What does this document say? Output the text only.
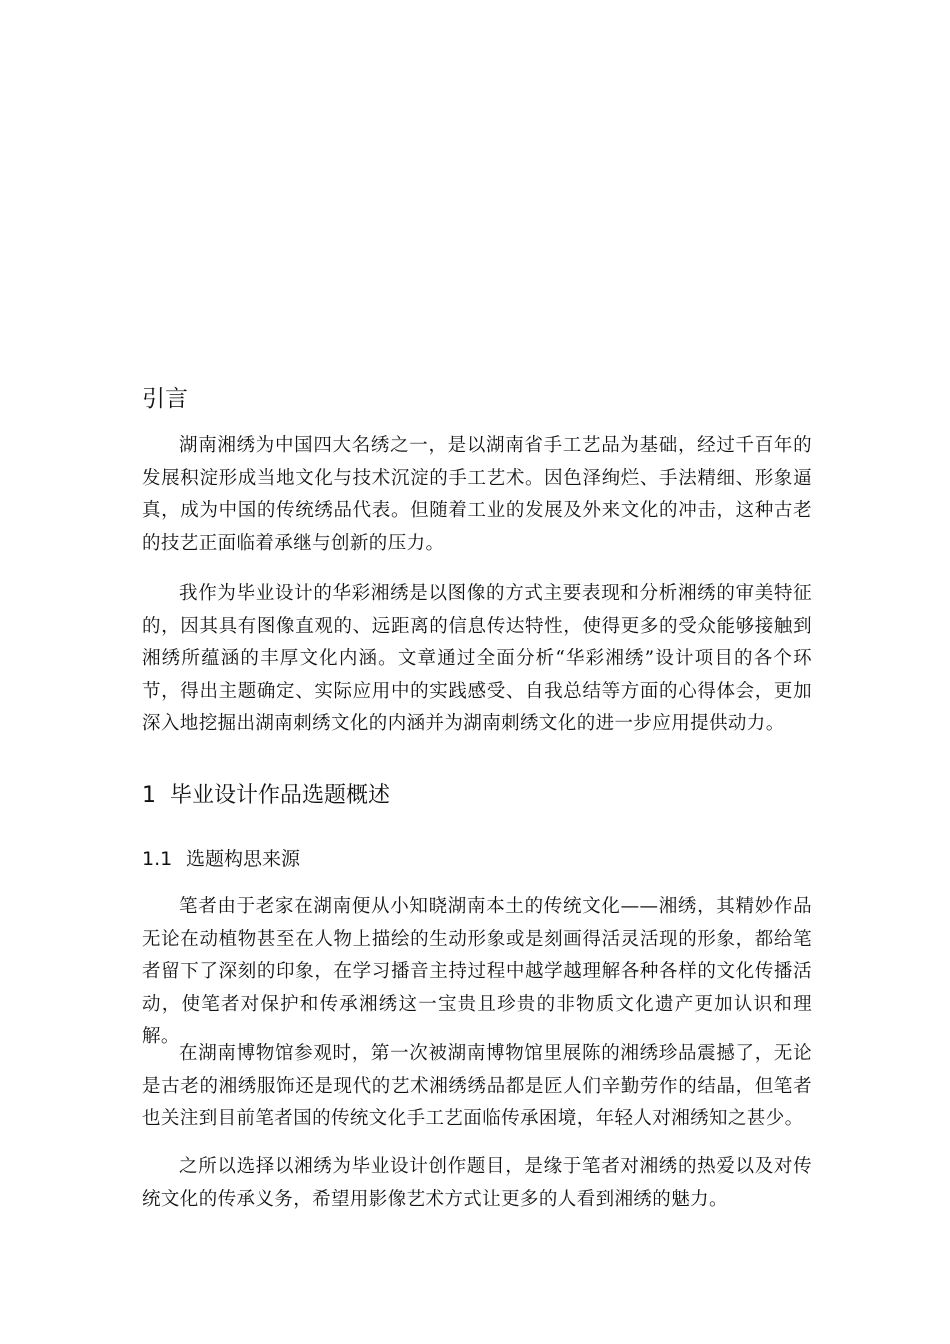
引言

湖南湘绣为中国四大名绣之一，是以湖南省手工艺品为基础，经过千百年的发展积淀形成当地文化与技术沉淀的手工艺术。因色泽绚烂、手法精细、形象逼真，成为中国的传统绣品代表。但随着工业的发展及外来文化的冲击，这种古老的技艺正面临着承继与创新的压力。

我作为毕业设计的华彩湘绣是以图像的方式主要表现和分析湘绣的审美特征的，因其具有图像直观的、远距离的信息传达特性，使得更多的受众能够接触到湘绣所蕴涵的丰厚文化内涵。文章通过全面分析“华彩湘绣”设计项目的各个环节，得出主题确定、实际应用中的实践感受、自我总结等方面的心得体会，更加深入地挖掘出湖南刺绣文化的内涵并为湖南刺绣文化的进一步应用提供动力。

1 毕业设计作品选题概述
1.1 选题构思来源

笔者由于老家在湖南便从小知晓湖南本土的传统文化——湘绣，其精妙作品无论在动植物甚至在人物上描绘的生动形象或是刻画得活灵活现的形象，都给笔者留下了深刻的印象，在学习播音主持过程中越学越理解各种各样的文化传播活动，使笔者对保护和传承湘绣这一宝贵且珍贵的非物质文化遗产更加认识和理解。

在湖南博物馆参观时，第一次被湖南博物馆里展陈的湘绣珍品震撼了，无论是古老的湘绣服饰还是现代的艺术湘绣绣品都是匠人们辛勤劳作的结晶，但笔者也关注到目前笔者国的传统文化手工艺面临传承困境，年轻人对湘绣知之甚少。

之所以选择以湘绣为毕业设计创作题目，是缘于笔者对湘绣的热爱以及对传统文化的传承义务，希望用影像艺术方式让更多的人看到湘绣的魅力。
